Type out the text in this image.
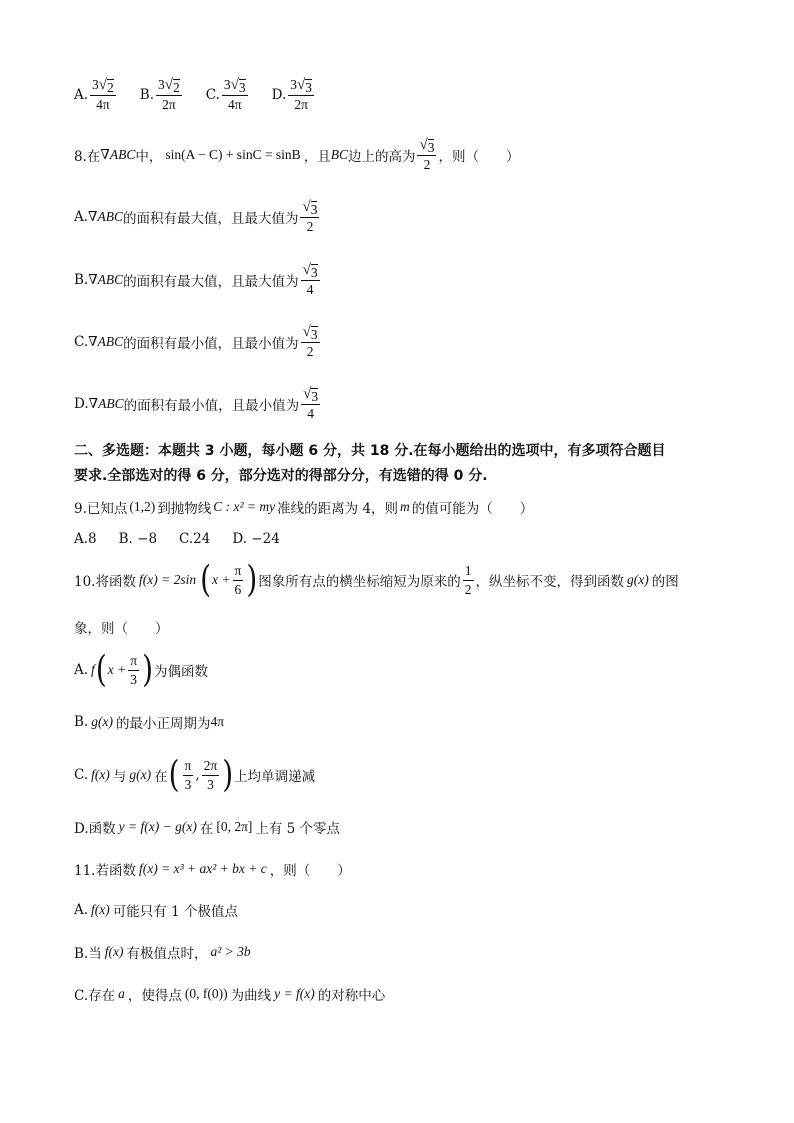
A. $\frac{3 √ 2}{4\pi} B$. $\frac{3 √ 2}{2\pi} C$. $\frac{3 √ 3}{4\pi} D$. $\frac{3 √ 3}{2\pi}$
8.在 ∇ ABC 中， sin(A − C) + sinC = sinB ，且 BC 边上的高为 $\frac{√ 3}{2}$ ，则（　　）
A. ∇ ABC 的面积有最大值，且最大值为 $\frac{√ 3}{2}$
B. ∇ ABC 的面积有最大值，且最大值为 $\frac{√ 3}{4}$
C. ∇ ABC 的面积有最小值，且最小值为 $\frac{√ 3}{2}$
D. ∇ ABC 的面积有最小值，且最小值为 $\frac{√ 3}{4}$
二、多选题：本题共 3 小题，每小题 6 分，共 18 分.在每小题给出的选项中，有多项符合题目
要求.全部选对的得 6 分，部分选对的得部分分，有选错的得 0 分.
9.已知点 (1,2) 到抛物线 C : x² = my 准线的距离为 4，则 m 的值可能为（　　）
A.8 B. −8 C.24 D. −24
10.将函数 f(x) = 2sin ( $x + \frac{\pi}{6}$ ) 图象所有点的横坐标缩短为原来的 $\frac{1}{2}$ ，纵坐标不变，得到函数 g(x) 的图
象，则（　　）
A. f ( $x + \frac{\pi}{3}$ ) 为偶函数
B. g(x) 的最小正周期为 4π
C. f(x) 与 g(x) 在 ( $\frac{\pi}{3}$ , $\frac{2\pi}{3}$ ) 上均单调递减
D.函数 y = f(x) − g(x) 在 [0, 2π] 上有 5 个零点
11.若函数 f(x) = x³ + ax² + bx + c ，则（　　）
A. f(x) 可能只有 1 个极值点
B.当 f(x) 有极值点时， a² > 3b
C.存在 a ，使得点 (0, f(0)) 为曲线 y = f(x) 的对称中心
